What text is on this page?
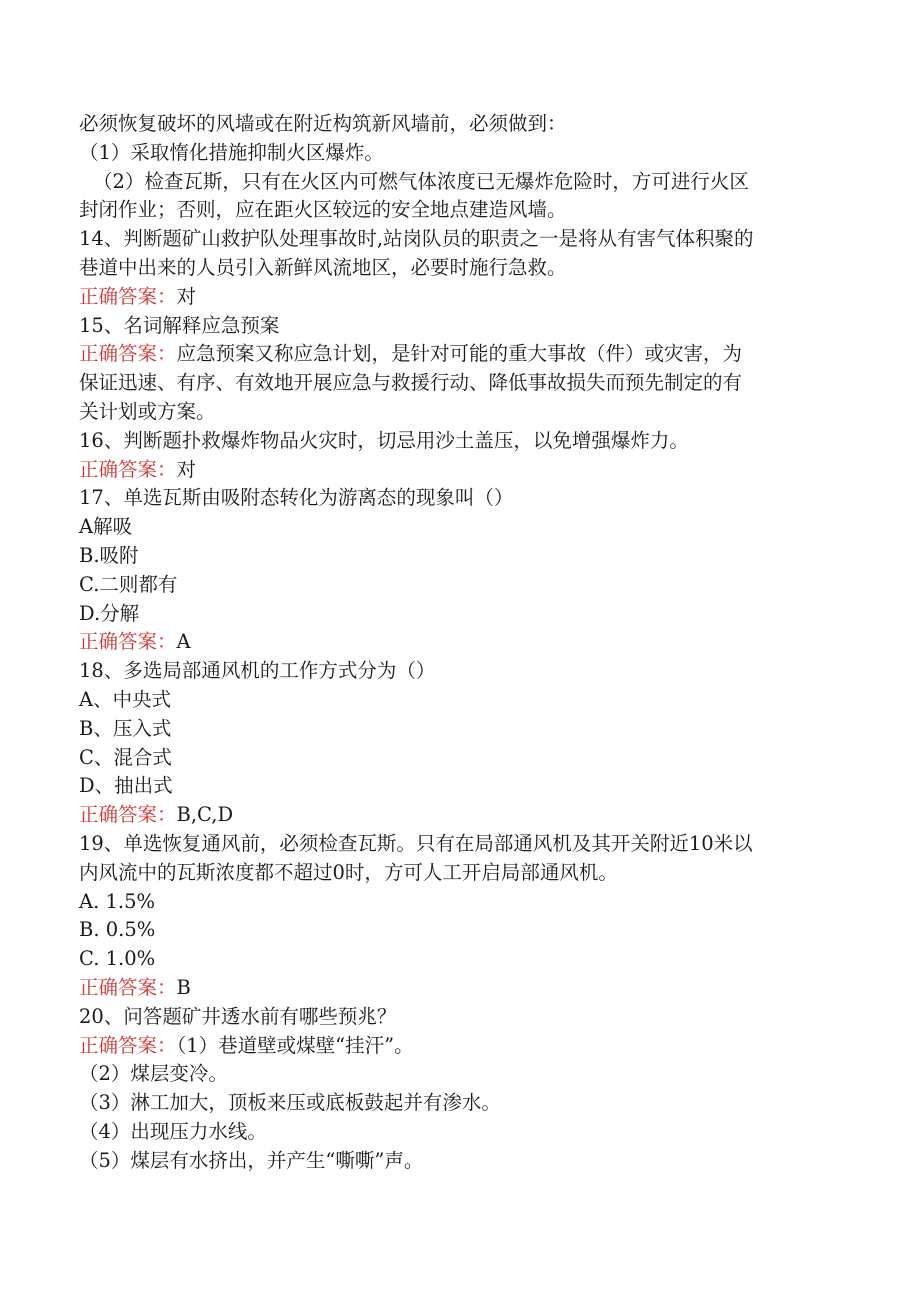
必须恢复破坏的风墙或在附近构筑新风墙前，必须做到：
（1）采取惰化措施抑制火区爆炸。
（2）检查瓦斯，只有在火区内可燃气体浓度已无爆炸危险时，方可进行火区
封闭作业；否则，应在距火区较远的安全地点建造风墙。
14、判断题矿山救护队处理事故时,站岗队员的职责之一是将从有害气体积聚的
巷道中出来的人员引入新鲜风流地区，必要时施行急救。
正确答案：对
15、名词解释应急预案
正确答案：应急预案又称应急计划，是针对可能的重大事故（件）或灾害，为
保证迅速、有序、有效地开展应急与救援行动、降低事故损失而预先制定的有
关计划或方案。
16、判断题扑救爆炸物品火灾时，切忌用沙土盖压，以免增强爆炸力。
正确答案：对
17、单选瓦斯由吸附态转化为游离态的现象叫（）
A解吸
B.吸附
C.二则都有
D.分解
正确答案：A
18、多选局部通风机的工作方式分为（）
A、中央式
B、压入式
C、混合式
D、抽出式
正确答案：B,C,D
19、单选恢复通风前，必须检查瓦斯。只有在局部通风机及其开关附近10米以
内风流中的瓦斯浓度都不超过0时，方可人工开启局部通风机。
A. 1.5%
B. 0.5%
C. 1.0%
正确答案：B
20、问答题矿井透水前有哪些预兆？
正确答案：（1）巷道壁或煤壁“挂汗”。
（2）煤层变冷。
（3）淋工加大，顶板来压或底板鼓起并有渗水。
（4）出现压力水线。
（5）煤层有水挤出，并产生“嘶嘶”声。
